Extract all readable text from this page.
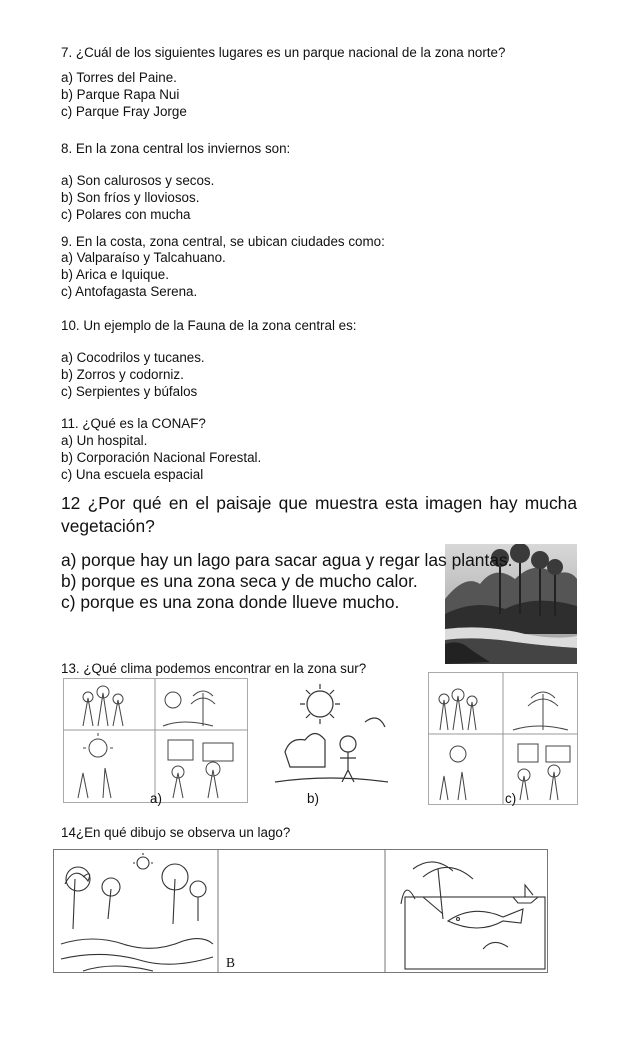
7. ¿Cuál de los siguientes lugares es un parque nacional de la zona norte?
a) Torres del Paine.
b) Parque Rapa Nui
c) Parque Fray Jorge
8. En la zona central los inviernos son:
a) Son calurosos y secos.
b) Son fríos y lloviosos.
c) Polares con mucha
9. En la costa, zona central, se ubican ciudades como:
a) Valparaíso y Talcahuano.
b) Arica e Iquique.
c) Antofagasta Serena.
10. Un ejemplo de la Fauna de la zona central es:
a) Cocodrilos y tucanes.
b) Zorros y codorniz.
c) Serpientes y búfalos
11. ¿Qué es la CONAF?
a) Un hospital.
b) Corporación Nacional Forestal.
c) Una escuela espacial
12 ¿Por qué en el paisaje que muestra esta imagen hay mucha vegetación?
a) porque hay un lago para sacar agua y regar las plantas.
b) porque es una zona seca y de mucho calor.
c) porque es una zona donde llueve mucho.
13. ¿Qué clima podemos encontrar en la zona sur?
a)	b)	c)
14¿En qué dibujo se observa un lago?
B
